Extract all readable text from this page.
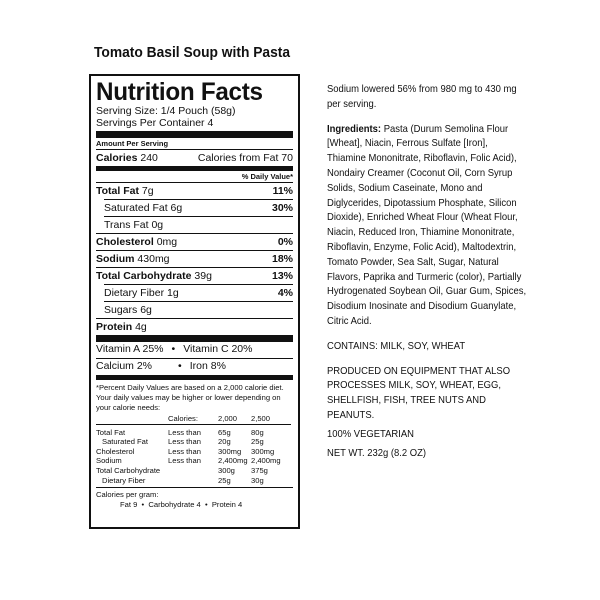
Tomato Basil Soup with Pasta
Nutrition Facts
Serving Size: 1/4 Pouch (58g)
Servings Per Container 4
Amount Per Serving
Calories 240	Calories from Fat 70
% Daily Value*
Total Fat 7g	11%
Saturated Fat 6g	30%
Trans Fat 0g
Cholesterol 0mg	0%
Sodium 430mg	18%
Total Carbohydrate 39g	13%
Dietary Fiber 1g	4%
Sugars 6g
Protein 4g
Vitamin A 25% • Vitamin C 20%
Calcium 2% • Iron 8%
*Percent Daily Values are based on a 2,000 calorie diet. Your daily values may be higher or lower depending on your calorie needs:
	Calories:	2,000	2,500
Total Fat	Less than	65g	80g
Saturated Fat	Less than	20g	25g
Cholesterol	Less than	300mg	300mg
Sodium	Less than	2,400mg	2,400mg
Total Carbohydrate		300g	375g
Dietary Fiber		25g	30g
Calories per gram:
Fat 9  •  Carbohydrate 4  •  Protein 4

Sodium lowered 56% from 980 mg to 430 mg per serving.

Ingredients: Pasta (Durum Semolina Flour [Wheat], Niacin, Ferrous Sulfate [Iron], Thiamine Mononitrate, Riboflavin, Folic Acid), Nondairy Creamer (Coconut Oil, Corn Syrup Solids, Sodium Caseinate, Mono and Diglycerides, Dipotassium Phosphate, Silicon Dioxide), Enriched Wheat Flour (Wheat Flour, Niacin, Reduced Iron, Thiamine Mononitrate, Riboflavin, Enzyme, Folic Acid), Maltodextrin, Tomato Powder, Sea Salt, Sugar, Natural Flavors, Paprika and Turmeric (color), Partially Hydrogenated Soybean Oil, Guar Gum, Spices, Disodium Inosinate and Disodium Guanylate, Citric Acid.

CONTAINS: MILK, SOY, WHEAT

PRODUCED ON EQUIPMENT THAT ALSO PROCESSES MILK, SOY, WHEAT, EGG, SHELLFISH, FISH, TREE NUTS AND PEANUTS.

100% VEGETARIAN

NET WT. 232g (8.2 OZ)
